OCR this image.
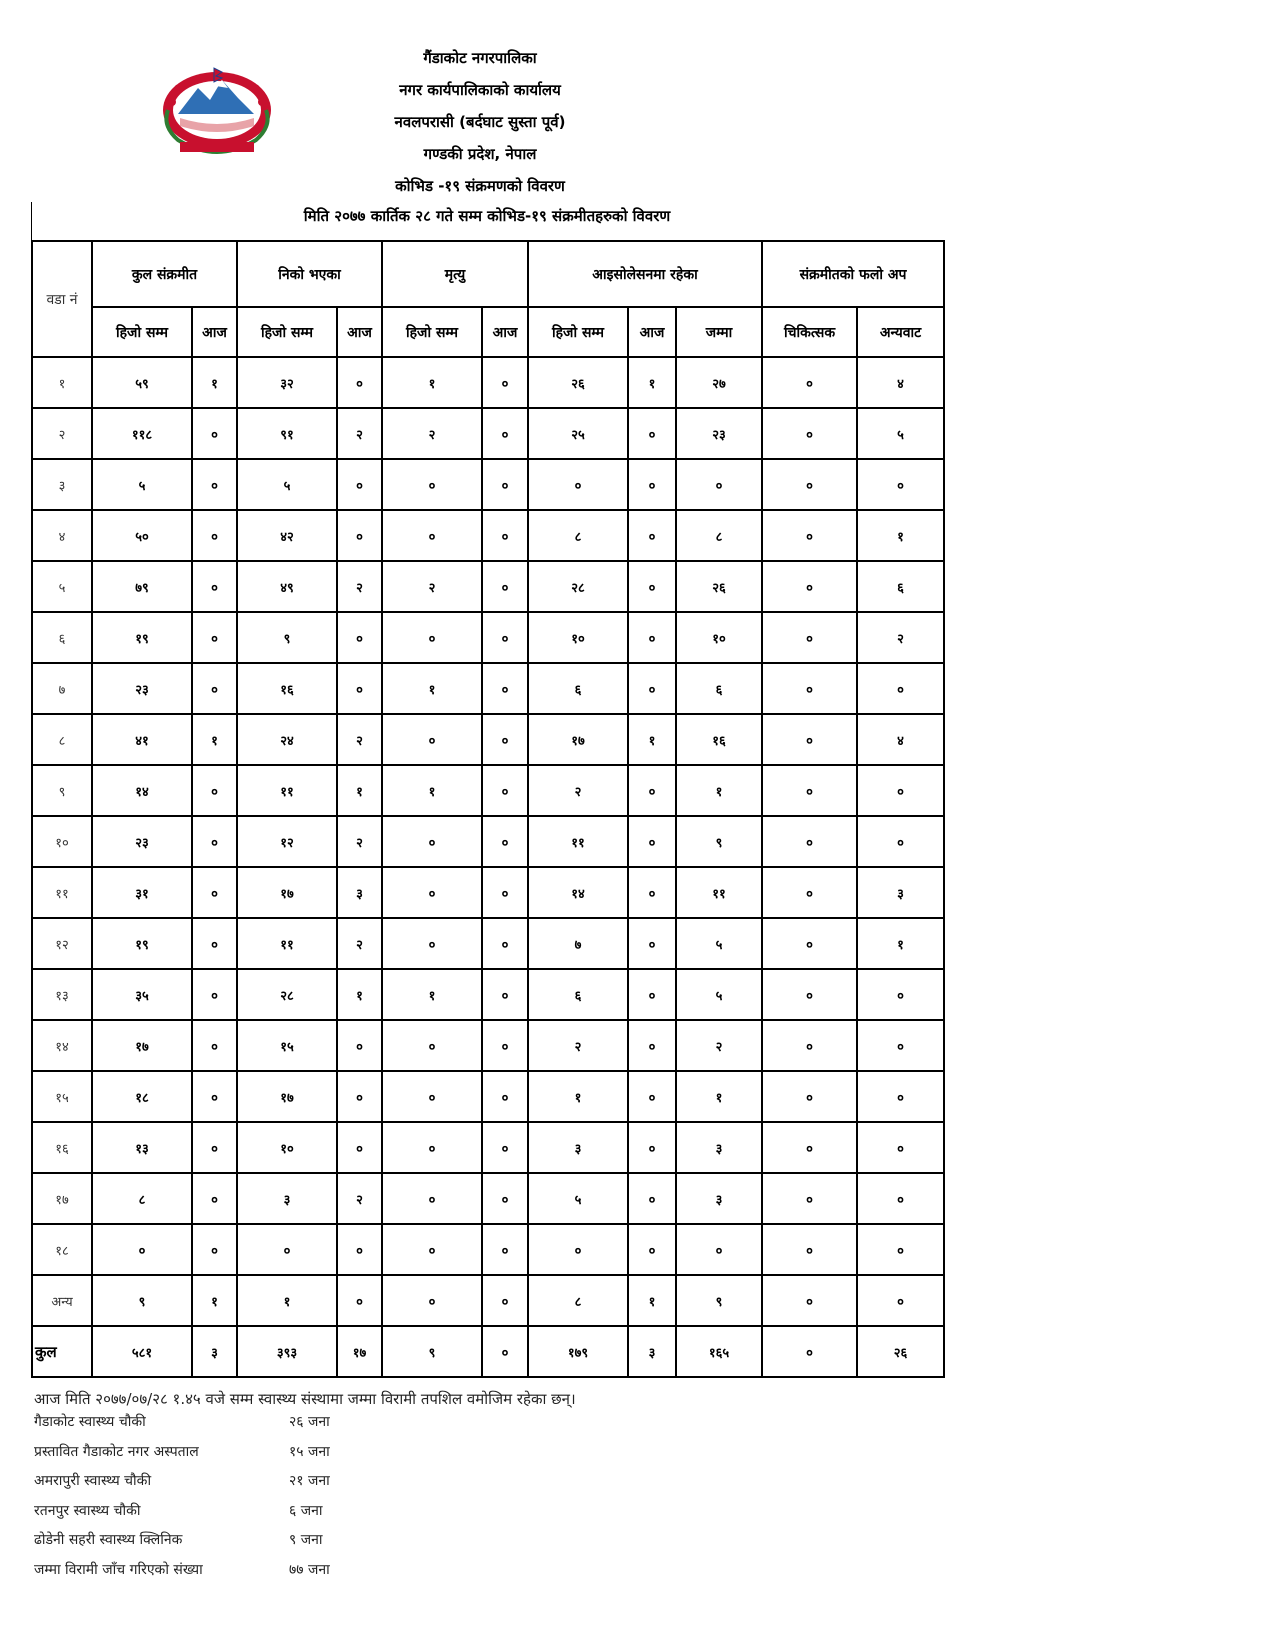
गैंडाकोट नगरपालिका
नगर कार्यपालिकाको कार्यालय
नवलपरासी (बर्दघाट सुस्ता पूर्व)
गण्डकी प्रदेश, नेपाल
कोभिड -१९ संक्रमणको विवरण
मिति २०७७ कार्तिक २८ गते सम्म कोभिड-१९ संक्रमीतहरुको विवरण
वडा नं	कुल संक्रमीत		निको भएका		मृत्यु		आइसोलेसनमा रहेका			संक्रमीतको फलो अप	
	हिजो सम्म	आज	हिजो सम्म	आज	हिजो सम्म	आज	हिजो सम्म	आज	जम्मा	चिकित्सक	अन्यवाट
१	५९	१	३२	०	१	०	२६	१	२७	०	४
२	११८	०	९१	२	२	०	२५	०	२३	०	५
३	५	०	५	०	०	०	०	०	०	०	०
४	५०	०	४२	०	०	०	८	०	८	०	१
५	७९	०	४९	२	२	०	२८	०	२६	०	६
६	१९	०	९	०	०	०	१०	०	१०	०	२
७	२३	०	१६	०	१	०	६	०	६	०	०
८	४१	१	२४	२	०	०	१७	१	१६	०	४
९	१४	०	११	१	१	०	२	०	१	०	०
१०	२३	०	१२	२	०	०	११	०	९	०	०
११	३१	०	१७	३	०	०	१४	०	११	०	३
१२	१९	०	११	२	०	०	७	०	५	०	१
१३	३५	०	२८	१	१	०	६	०	५	०	०
१४	१७	०	१५	०	०	०	२	०	२	०	०
१५	१८	०	१७	०	०	०	१	०	१	०	०
१६	१३	०	१०	०	०	०	३	०	३	०	०
१७	८	०	३	२	०	०	५	०	३	०	०
१८	०	०	०	०	०	०	०	०	०	०	०
अन्य	९	१	१	०	०	०	८	१	९	०	०
कुल	५८१	३	३९३	१७	९	०	१७९	३	१६५	०	२६
आज मिति २०७७/०७/२८ १.४५ वजे सम्म स्वास्थ्य संस्थामा जम्मा विरामी तपशिल वमोजिम रहेका छन्।
गैडाकोट स्वास्थ्य चौकी	२६ जना
प्रस्तावित गैडाकोट नगर अस्पताल	१५ जना
अमरापुरी स्वास्थ्य चौकी	२१ जना
रतनपुर स्वास्थ्य चौकी	६ जना
ढोडेनी सहरी स्वास्थ्य क्लिनिक	९ जना
जम्मा विरामी जाँच गरिएको संख्या	७७ जना
